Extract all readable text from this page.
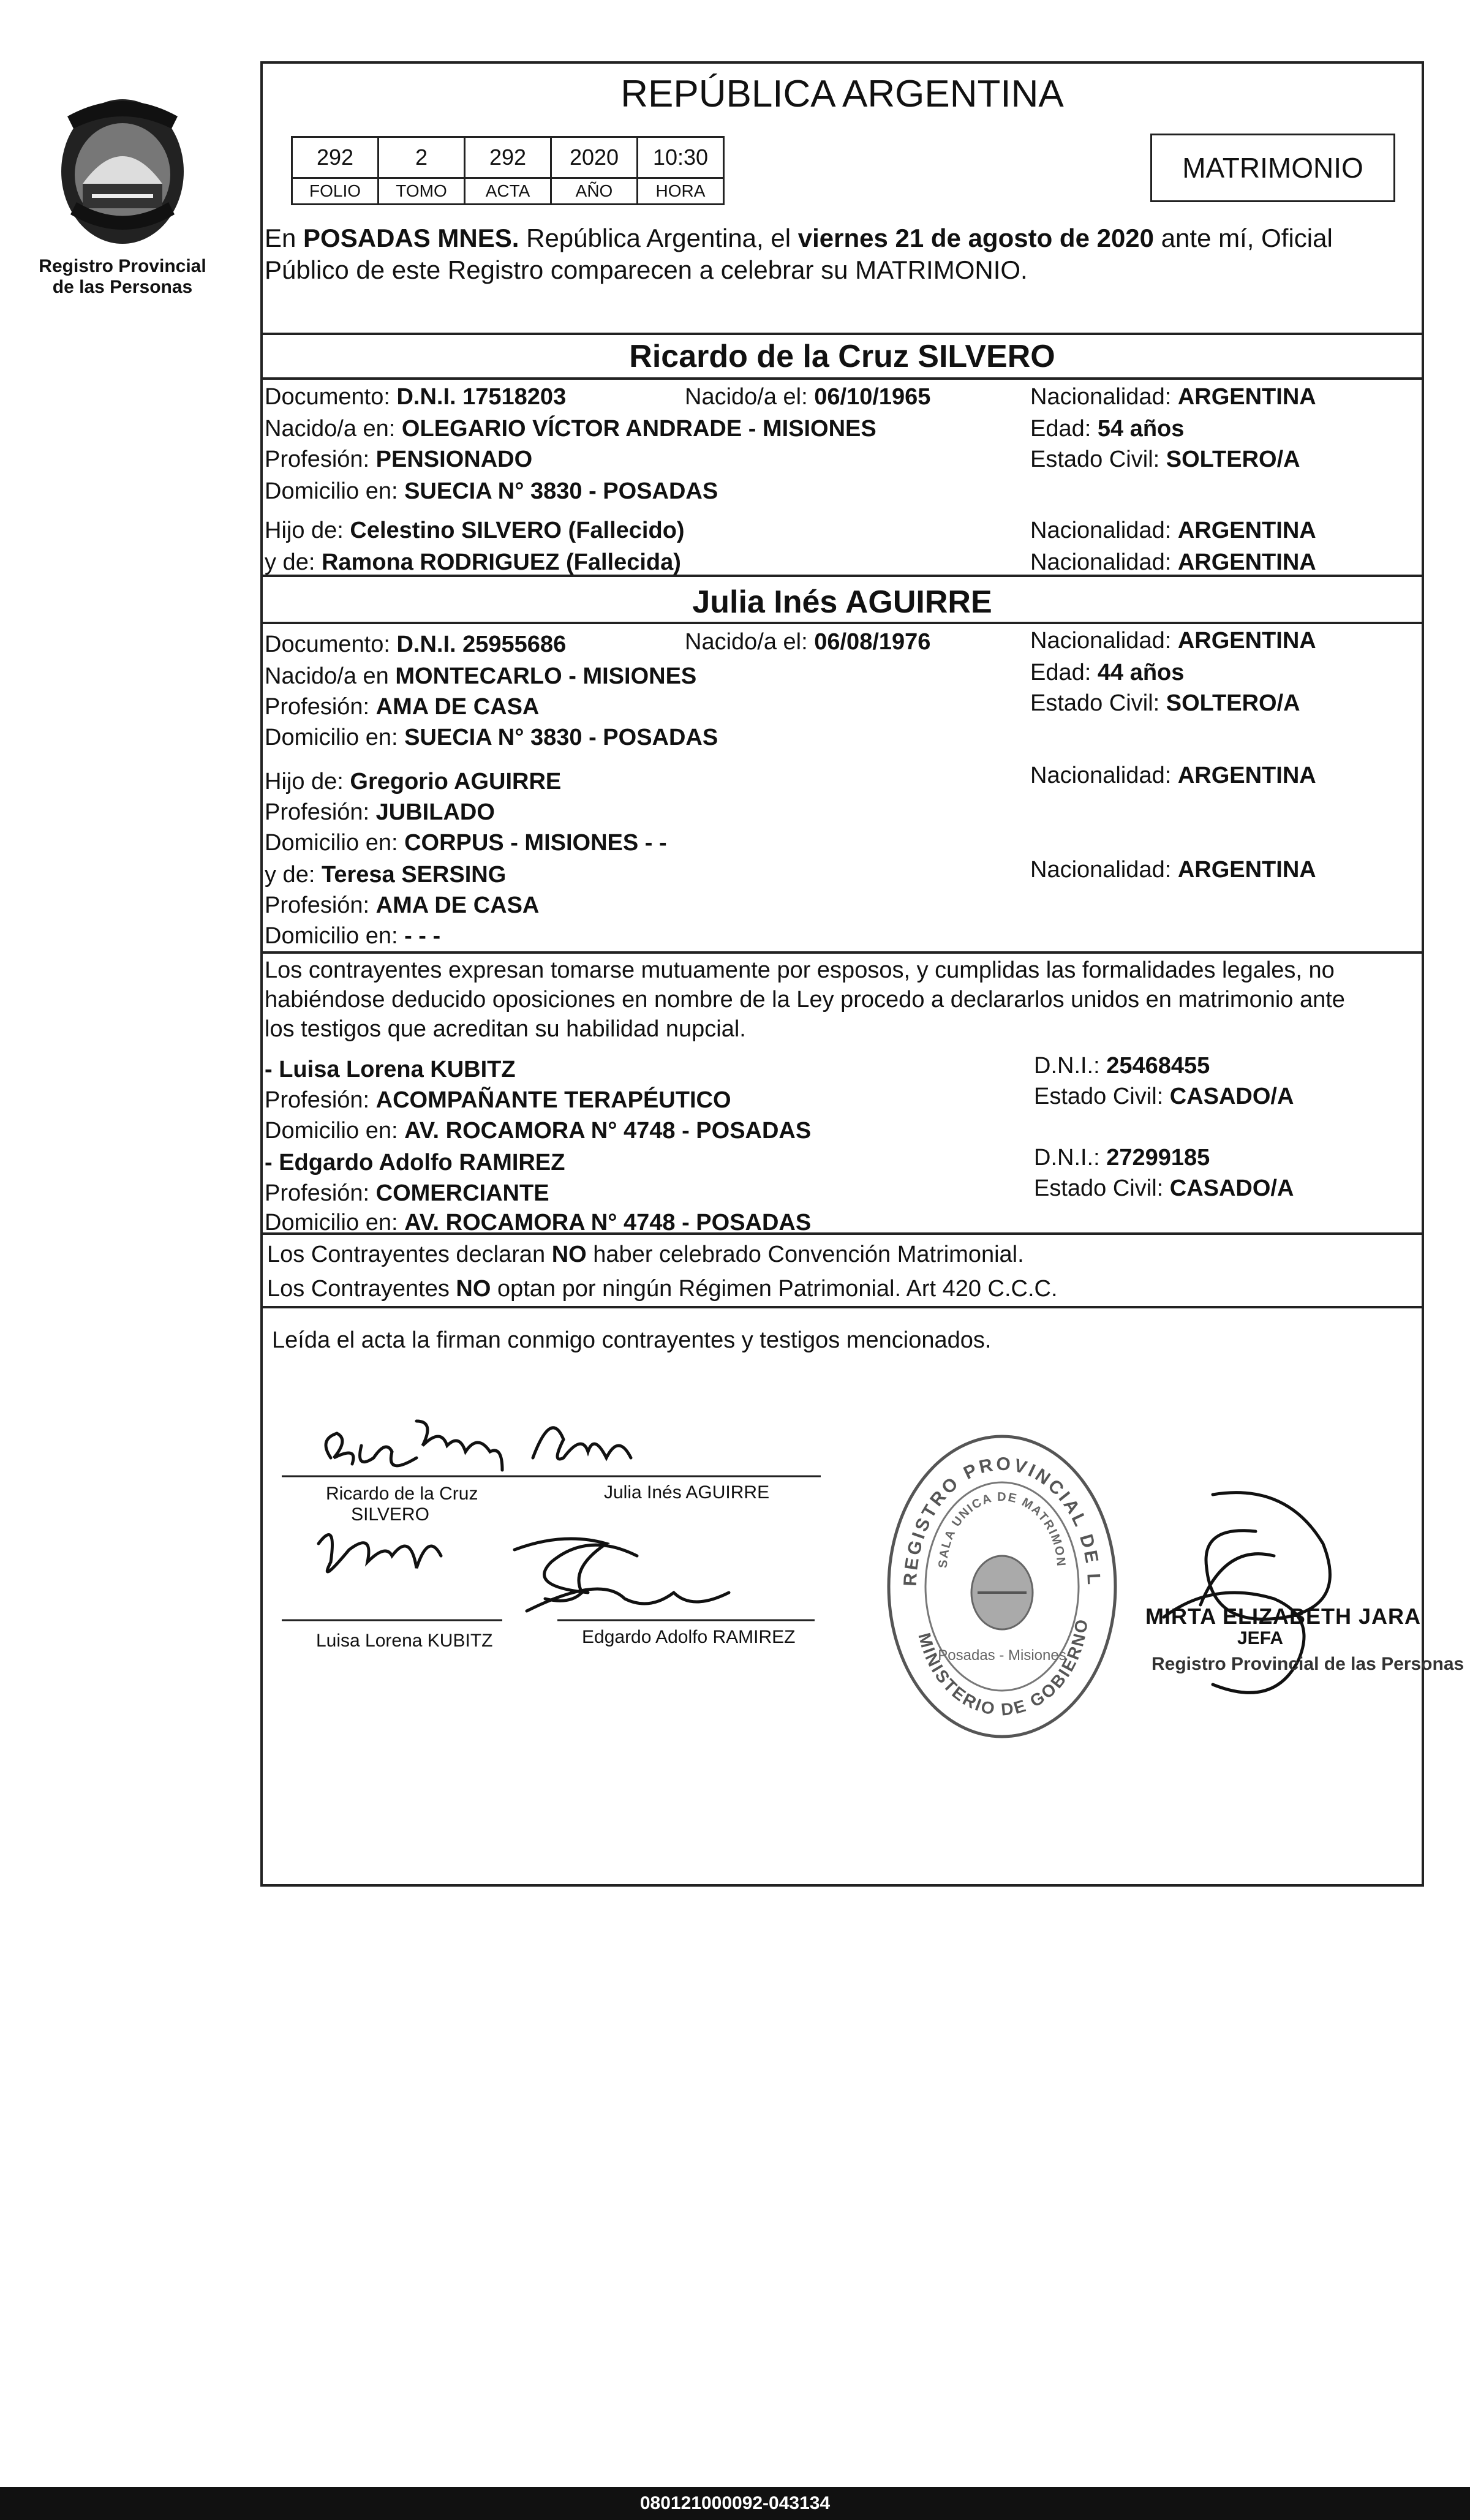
Registro Provincial
de las Personas
REPÚBLICA ARGENTINA
292	2	292	2020	10:30
FOLIO	TOMO	ACTA	AÑO	HORA
MATRIMONIO
En POSADAS MNES. República Argentina, el viernes 21 de agosto de 2020 ante mí, Oficial
Público de este Registro comparecen a celebrar su MATRIMONIO.
Ricardo de la Cruz SILVERO
Documento: D.N.I. 17518203	Nacido/a el: 06/10/1965	Nacionalidad: ARGENTINA
Nacido/a en: OLEGARIO VÍCTOR ANDRADE - MISIONES	Edad: 54 años
Profesión: PENSIONADO	Estado Civil: SOLTERO/A
Domicilio en: SUECIA N° 3830 - POSADAS
Hijo de: Celestino SILVERO (Fallecido)	Nacionalidad: ARGENTINA
y de: Ramona RODRIGUEZ (Fallecida)	Nacionalidad: ARGENTINA
Julia Inés AGUIRRE
Documento: D.N.I. 25955686	Nacido/a el: 06/08/1976	Nacionalidad: ARGENTINA
Nacido/a en MONTECARLO - MISIONES	Edad: 44 años
Profesión: AMA DE CASA	Estado Civil: SOLTERO/A
Domicilio en: SUECIA N° 3830 - POSADAS
Hijo de: Gregorio AGUIRRE	Nacionalidad: ARGENTINA
Profesión: JUBILADO
Domicilio en: CORPUS - MISIONES - -
y de: Teresa SERSING	Nacionalidad: ARGENTINA
Profesión: AMA DE CASA
Domicilio en: - - -
Los contrayentes expresan tomarse mutuamente por esposos, y cumplidas las formalidades legales, no
habiéndose deducido oposiciones en nombre de la Ley procedo a declararlos unidos en matrimonio ante
los testigos que acreditan su habilidad nupcial.
- Luisa Lorena KUBITZ	D.N.I.: 25468455
Profesión: ACOMPAÑANTE TERAPÉUTICO	Estado Civil: CASADO/A
Domicilio en: AV. ROCAMORA N° 4748 - POSADAS
- Edgardo Adolfo RAMIREZ	D.N.I.: 27299185
Profesión: COMERCIANTE	Estado Civil: CASADO/A
Domicilio en: AV. ROCAMORA N° 4748 - POSADAS
Los Contrayentes declaran NO haber celebrado Convención Matrimonial.
Los Contrayentes NO optan por ningún Régimen Patrimonial. Art 420 C.C.C.
Leída el acta la firman conmigo contrayentes y testigos mencionados.
Ricardo de la Cruz
SILVERO
Julia Inés AGUIRRE
Luisa Lorena KUBITZ	Edgardo Adolfo RAMIREZ
REGISTRO PROVINCIAL DE L
SALA UNICA DE MATRIMON
MINISTERIO DE GOBIERNO
Posadas - Misiones
MIRTA ELIZABETH JARA
JEFA
Registro Provincial de las Personas
080121000092-043134
